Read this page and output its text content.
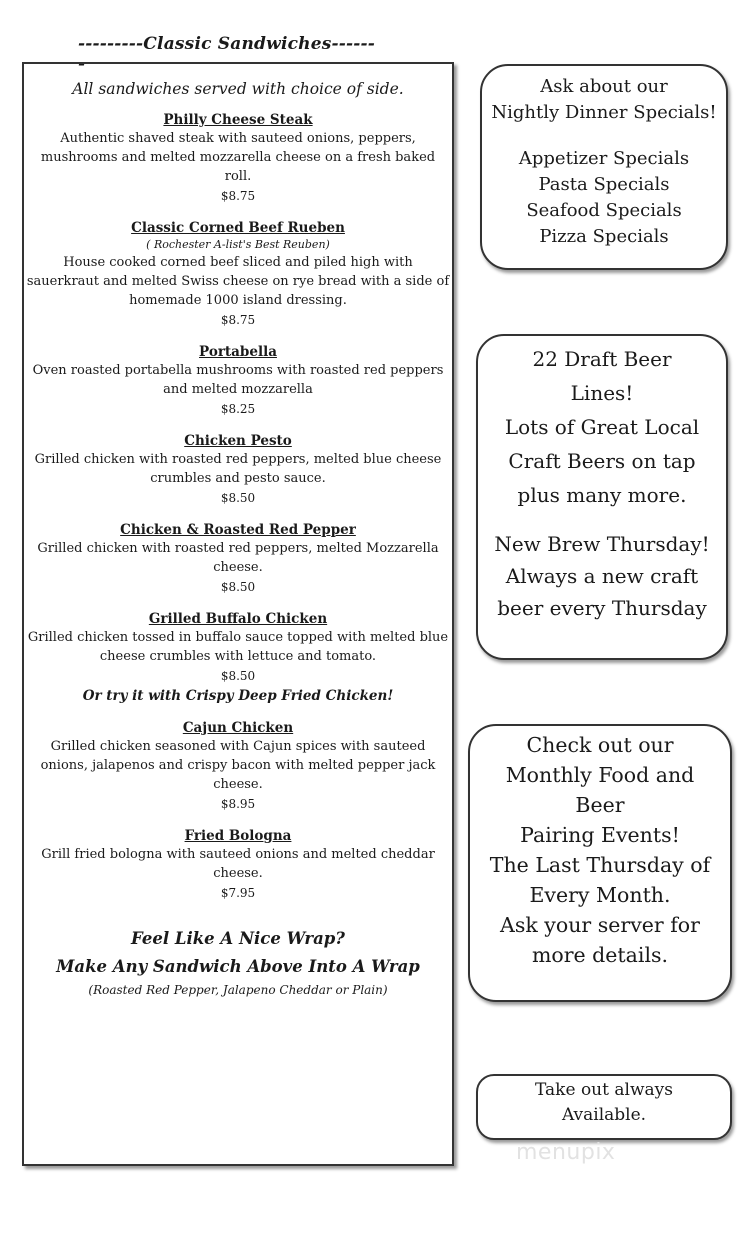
---------Classic Sandwiches-------
All sandwiches served with choice of side.
Philly Cheese Steak
Authentic shaved steak with sauteed onions, peppers, mushrooms and melted mozzarella cheese on a fresh baked roll.
$8.75
Classic Corned Beef Rueben
( Rochester A-list's Best Reuben)
House cooked corned beef sliced and piled high with sauerkraut and melted Swiss cheese on rye bread with a side of homemade 1000 island dressing.
$8.75
Portabella
Oven roasted portabella mushrooms with roasted red peppers and melted mozzarella
$8.25
Chicken Pesto
Grilled chicken with roasted red peppers, melted blue cheese crumbles and pesto sauce.
$8.50
Chicken & Roasted Red Pepper
Grilled chicken with roasted red peppers, melted Mozzarella cheese.
$8.50
Grilled Buffalo Chicken
Grilled chicken tossed in buffalo sauce topped with melted blue cheese crumbles with lettuce and tomato.
$8.50
Or try it with Crispy Deep Fried Chicken!
Cajun Chicken
Grilled chicken seasoned with Cajun spices with sauteed onions, jalapenos and crispy bacon with melted pepper jack cheese.
$8.95
Fried Bologna
Grill fried bologna with sauteed onions and melted cheddar cheese.
$7.95
Feel Like A Nice Wrap?
Make Any Sandwich Above Into A Wrap
(Roasted Red Pepper, Jalapeno Cheddar or Plain)
Ask about our
Nightly Dinner Specials!
Appetizer Specials
Pasta Specials
Seafood Specials
Pizza Specials

22 Draft Beer

Lines!

Lots of Great Local

Craft Beers on tap

plus many more.

New Brew Thursday!

Always a new craft

beer every Thursday

Check out our

Monthly Food and

Beer

Pairing Events!

The Last Thursday of

Every Month.

Ask your server for

more details.

Take out always
Available.
menupix
